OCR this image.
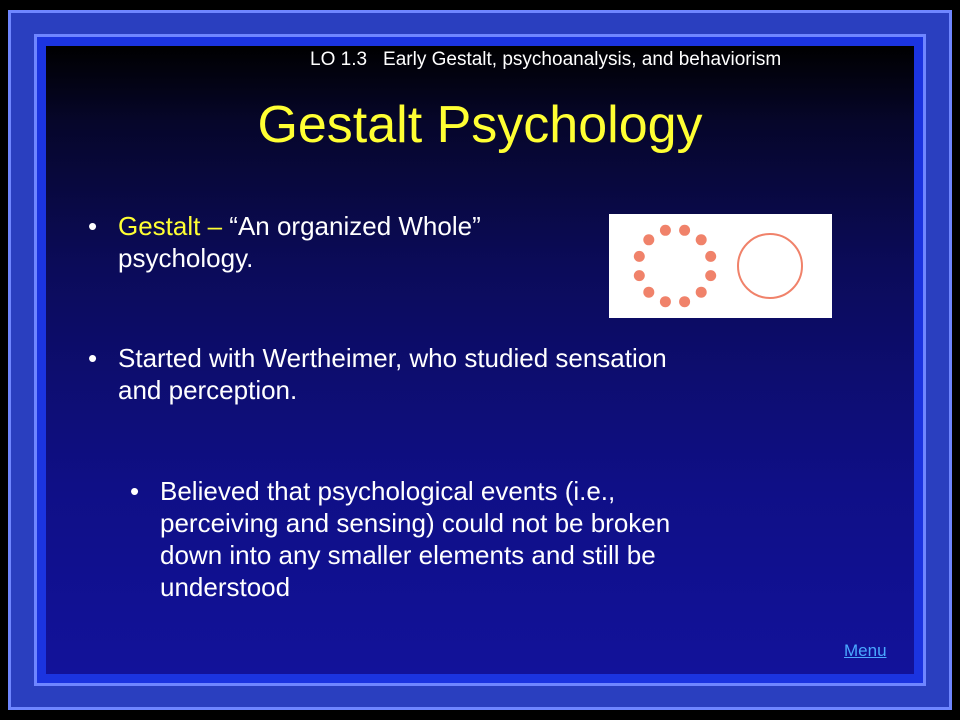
LO 1.3 Early Gestalt, psychoanalysis, and behaviorism
Gestalt Psychology
• Gestalt – “An organized Whole” psychology.
• Started with Wertheimer, who studied sensation and perception.
• Believed that psychological events (i.e., perceiving and sensing) could not be broken down into any smaller elements and still be understood
Menu
